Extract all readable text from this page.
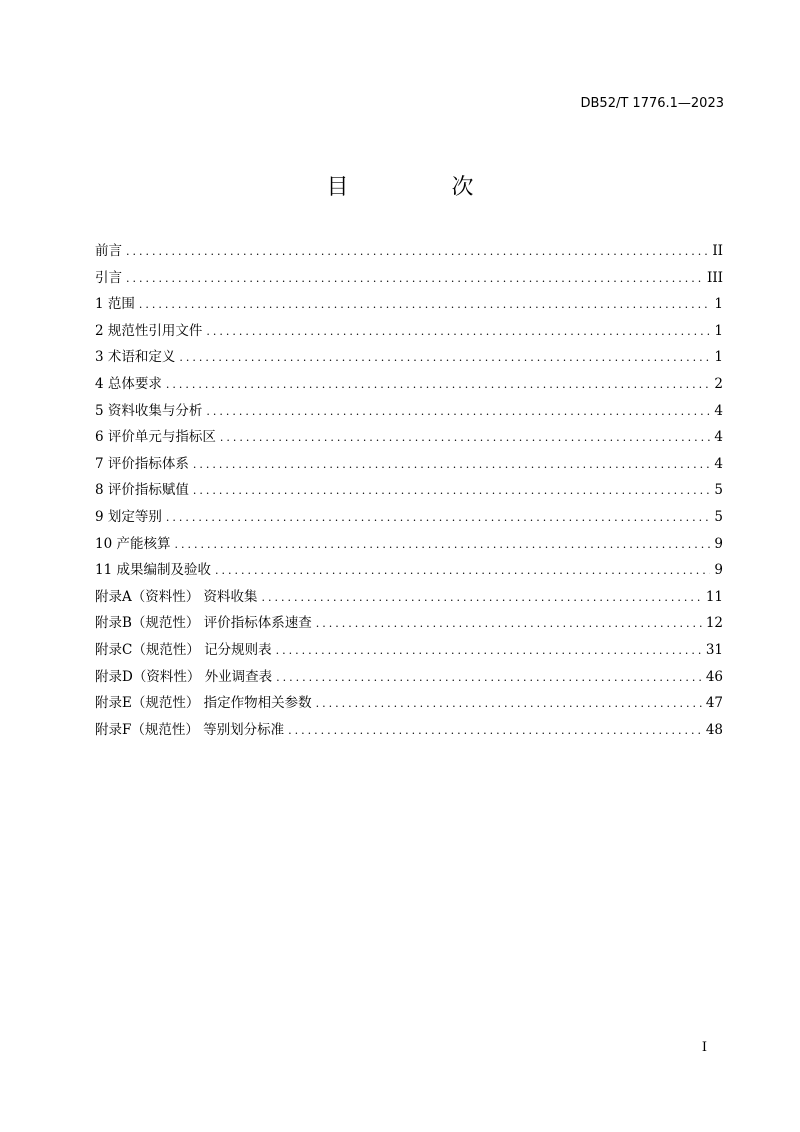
DB52/T 1776.1—2023
目 次
前言 .....	II
引言 .....	III
1 范围 .....	1
2 规范性引用文件 .....	1
3 术语和定义 .....	1
4 总体要求 .....	2
5 资料收集与分析 .....	4
6 评价单元与指标区 .....	4
7 评价指标体系 .....	4
8 评价指标赋值 .....	5
9 划定等别 .....	5
10 产能核算 .....	9
11 成果编制及验收 .....	9
附录A（资料性） 资料收集 .....	11
附录B（规范性） 评价指标体系速查 .....	12
附录C（规范性） 记分规则表 .....	31
附录D（资料性） 外业调查表 .....	46
附录E（规范性） 指定作物相关参数 .....	47
附录F（规范性） 等别划分标准 .....	48
I
